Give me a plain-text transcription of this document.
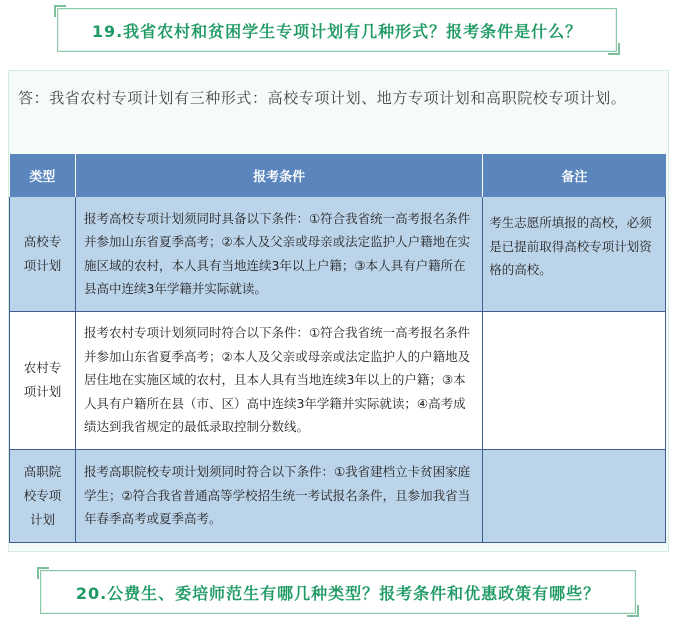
19.我省农村和贫困学生专项计划有几种形式？报考条件是什么？
答：我省农村专项计划有三种形式：高校专项计划、地方专项计划和高职院校专项计划。
类型	报考条件	备注
高校专项计划	报考高校专项计划须同时具备以下条件：①符合我省统一高考报名条件并参加山东省夏季高考；②本人及父亲或母亲或法定监护人户籍地在实施区域的农村，本人具有当地连续3年以上户籍；③本人具有户籍所在县高中连续3年学籍并实际就读。	考生志愿所填报的高校，必须是已提前取得高校专项计划资格的高校。

农村专项计划	报考农村专项计划须同时符合以下条件：①符合我省统一高考报名条件并参加山东省夏季高考；②本人及父亲或母亲或法定监护人的户籍地及居住地在实施区域的农村，且本人具有当地连续3年以上的户籍；③本人具有户籍所在县（市、区）高中连续3年学籍并实际就读；④高考成绩达到我省规定的最低录取控制分数线。	

高职院校专项计划	报考高职院校专项计划须同时符合以下条件：①我省建档立卡贫困家庭学生；②符合我省普通高等学校招生统一考试报名条件，且参加我省当年春季高考或夏季高考。	
20.公费生、委培师范生有哪几种类型？报考条件和优惠政策有哪些？
